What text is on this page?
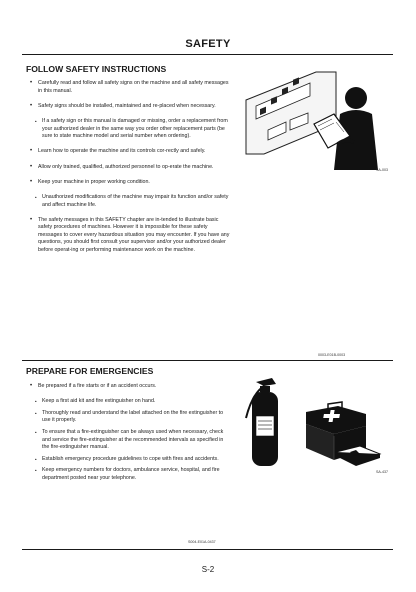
SAFETY
FOLLOW SAFETY INSTRUCTIONS
• Carefully read and follow all safety signs on the machine and all safety messages in this manual.
• Safety signs should be installed, maintained and re-placed when necessary.
• If a safety sign or this manual is damaged or missing, order a replacement from your authorized dealer in the same way you order other replacement parts (be sure to state machine model and serial number when ordering).
• Learn how to operate the machine and its controls cor-rectly and safely.
• Allow only trained, qualified, authorized personnel to op-erate the machine.
• Keep your machine in proper working condition.
• Unauthorized modifications of the machine may impair its function and/or safety and affect machine life.
• The safety messages in this SAFETY chapter are in-tended to illustrate basic safety procedures of machines. However it is impossible for these safety messages to cover every hazardous situation you may encounter. If you have any questions, you should first consult your supervisor and/or your authorized dealer before operat-ing or performing maintenance work on the machine.
SA-003
0003-E01B-0003
PREPARE FOR EMERGENCIES
• Be prepared if a fire starts or if an accident occurs.
• Keep a first aid kit and fire extinguisher on hand.
• Thoroughly read and understand the label attached on the fire extinguisher to use it properly.
• To ensure that a fire-extinguisher can be always used when necessary, check and service the fire-extinguisher at the recommended intervals as specified in the fire-extinguisher manual.
• Establish emergency procedure guidelines to cope with fires and accidents.
• Keep emergency numbers for doctors, ambulance service, hospital, and fire department posted near your telephone.
SA-437
S004-E01A-0437
S-2
